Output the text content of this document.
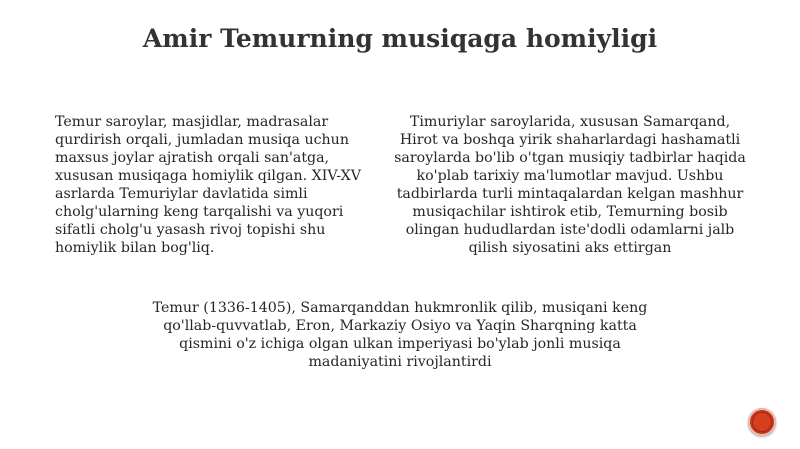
Amir Temurning musiqaga homiyligi
Temur saroylar, masjidlar, madrasalar
qurdirish orqali, jumladan musiqa uchun
maxsus joylar ajratish orqali san'atga,
xususan musiqaga homiylik qilgan. XIV-XV
asrlarda Temuriylar davlatida simli
cholg'ularning keng tarqalishi va yuqori
sifatli cholg'u yasash rivoj topishi shu
homiylik bilan bog'liq.
Timuriylar saroylarida, xususan Samarqand,
Hirot va boshqa yirik shaharlardagi hashamatli
saroylarda bo'lib o'tgan musiqiy tadbirlar haqida
ko'plab tarixiy ma'lumotlar mavjud. Ushbu
tadbirlarda turli mintaqalardan kelgan mashhur
musiqachilar ishtirok etib, Temurning bosib
olingan hududlardan iste'dodli odamlarni jalb
qilish siyosatini aks ettirgan
Temur (1336-1405), Samarqanddan hukmronlik qilib, musiqani keng
qo'llab-quvvatlab, Eron, Markaziy Osiyo va Yaqin Sharqning katta
qismini o'z ichiga olgan ulkan imperiyasi bo'ylab jonli musiqa
madaniyatini rivojlantirdi
